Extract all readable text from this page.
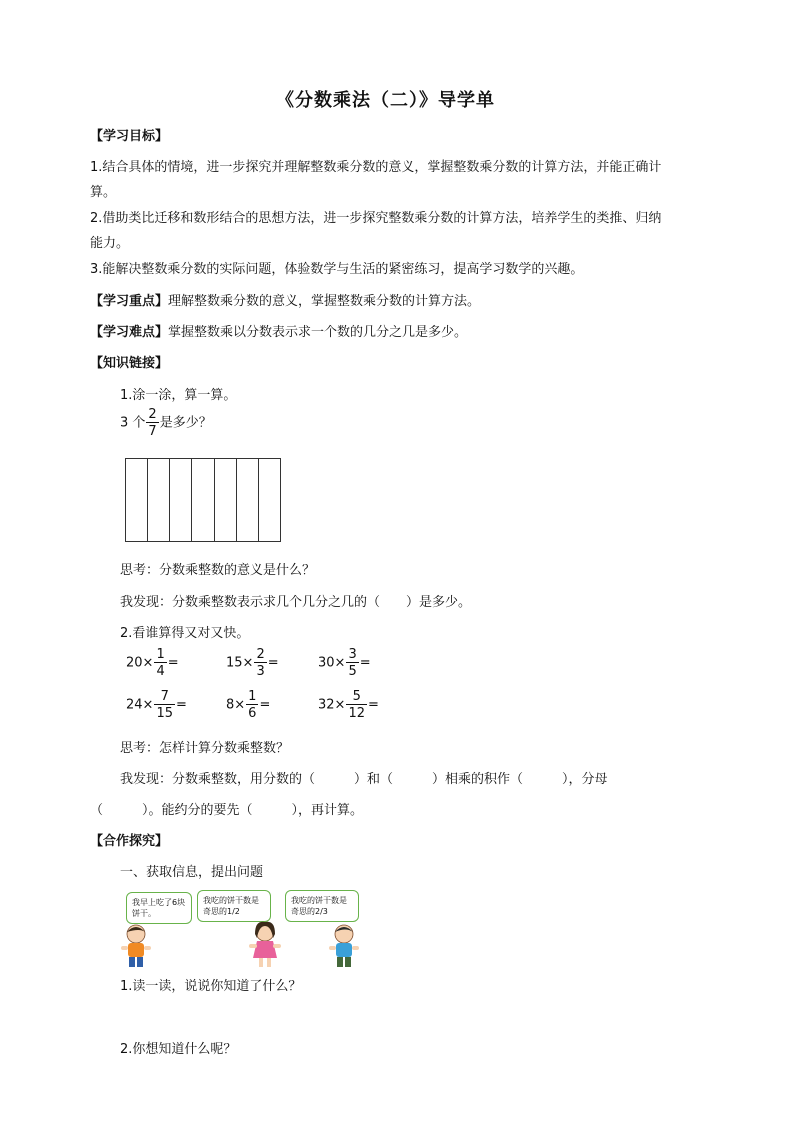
《分数乘法（二）》导学单
【学习目标】
1.结合具体的情境，进一步探究并理解整数乘分数的意义，掌握整数乘分数的计算方法，并能正确计
算。
2.借助类比迁移和数形结合的思想方法，进一步探究整数乘分数的计算方法，培养学生的类推、归纳
能力。
3.能解决整数乘分数的实际问题，体验数学与生活的紧密练习，提高学习数学的兴趣。
【学习重点】理解整数乘分数的意义，掌握整数乘分数的计算方法。
【学习难点】掌握整数乘以分数表示求一个数的几分之几是多少。
【知识链接】
1.涂一涂，算一算。
3 个 $\frac{2}{7}$ 是多少？
思考：分数乘整数的意义是什么？
我发现：分数乘整数表示求几个几分之几的（　　）是多少。
2.看谁算得又对又快。
$20\times \frac{1}{4}$ =	$15\times \frac{2}{3}$ =	$30\times \frac{3}{5}$ =
$24\times \frac{7}{15}$ =	$8\times \frac{1}{6}$ =	$32\times \frac{5}{12}$ =
思考：怎样计算分数乘整数？
我发现：分数乘整数，用分数的（　　　）和（　　　）相乘的积作（　　　），分母
（　　　）。能约分的要先（　　　），再计算。
【合作探究】
一、获取信息，提出问题
我早上吃了6块饼干。
我吃的饼干数是奇思的1/2
我吃的饼干数是奇思的2/3
1.读一读，说说你知道了什么？
2.你想知道什么呢？
